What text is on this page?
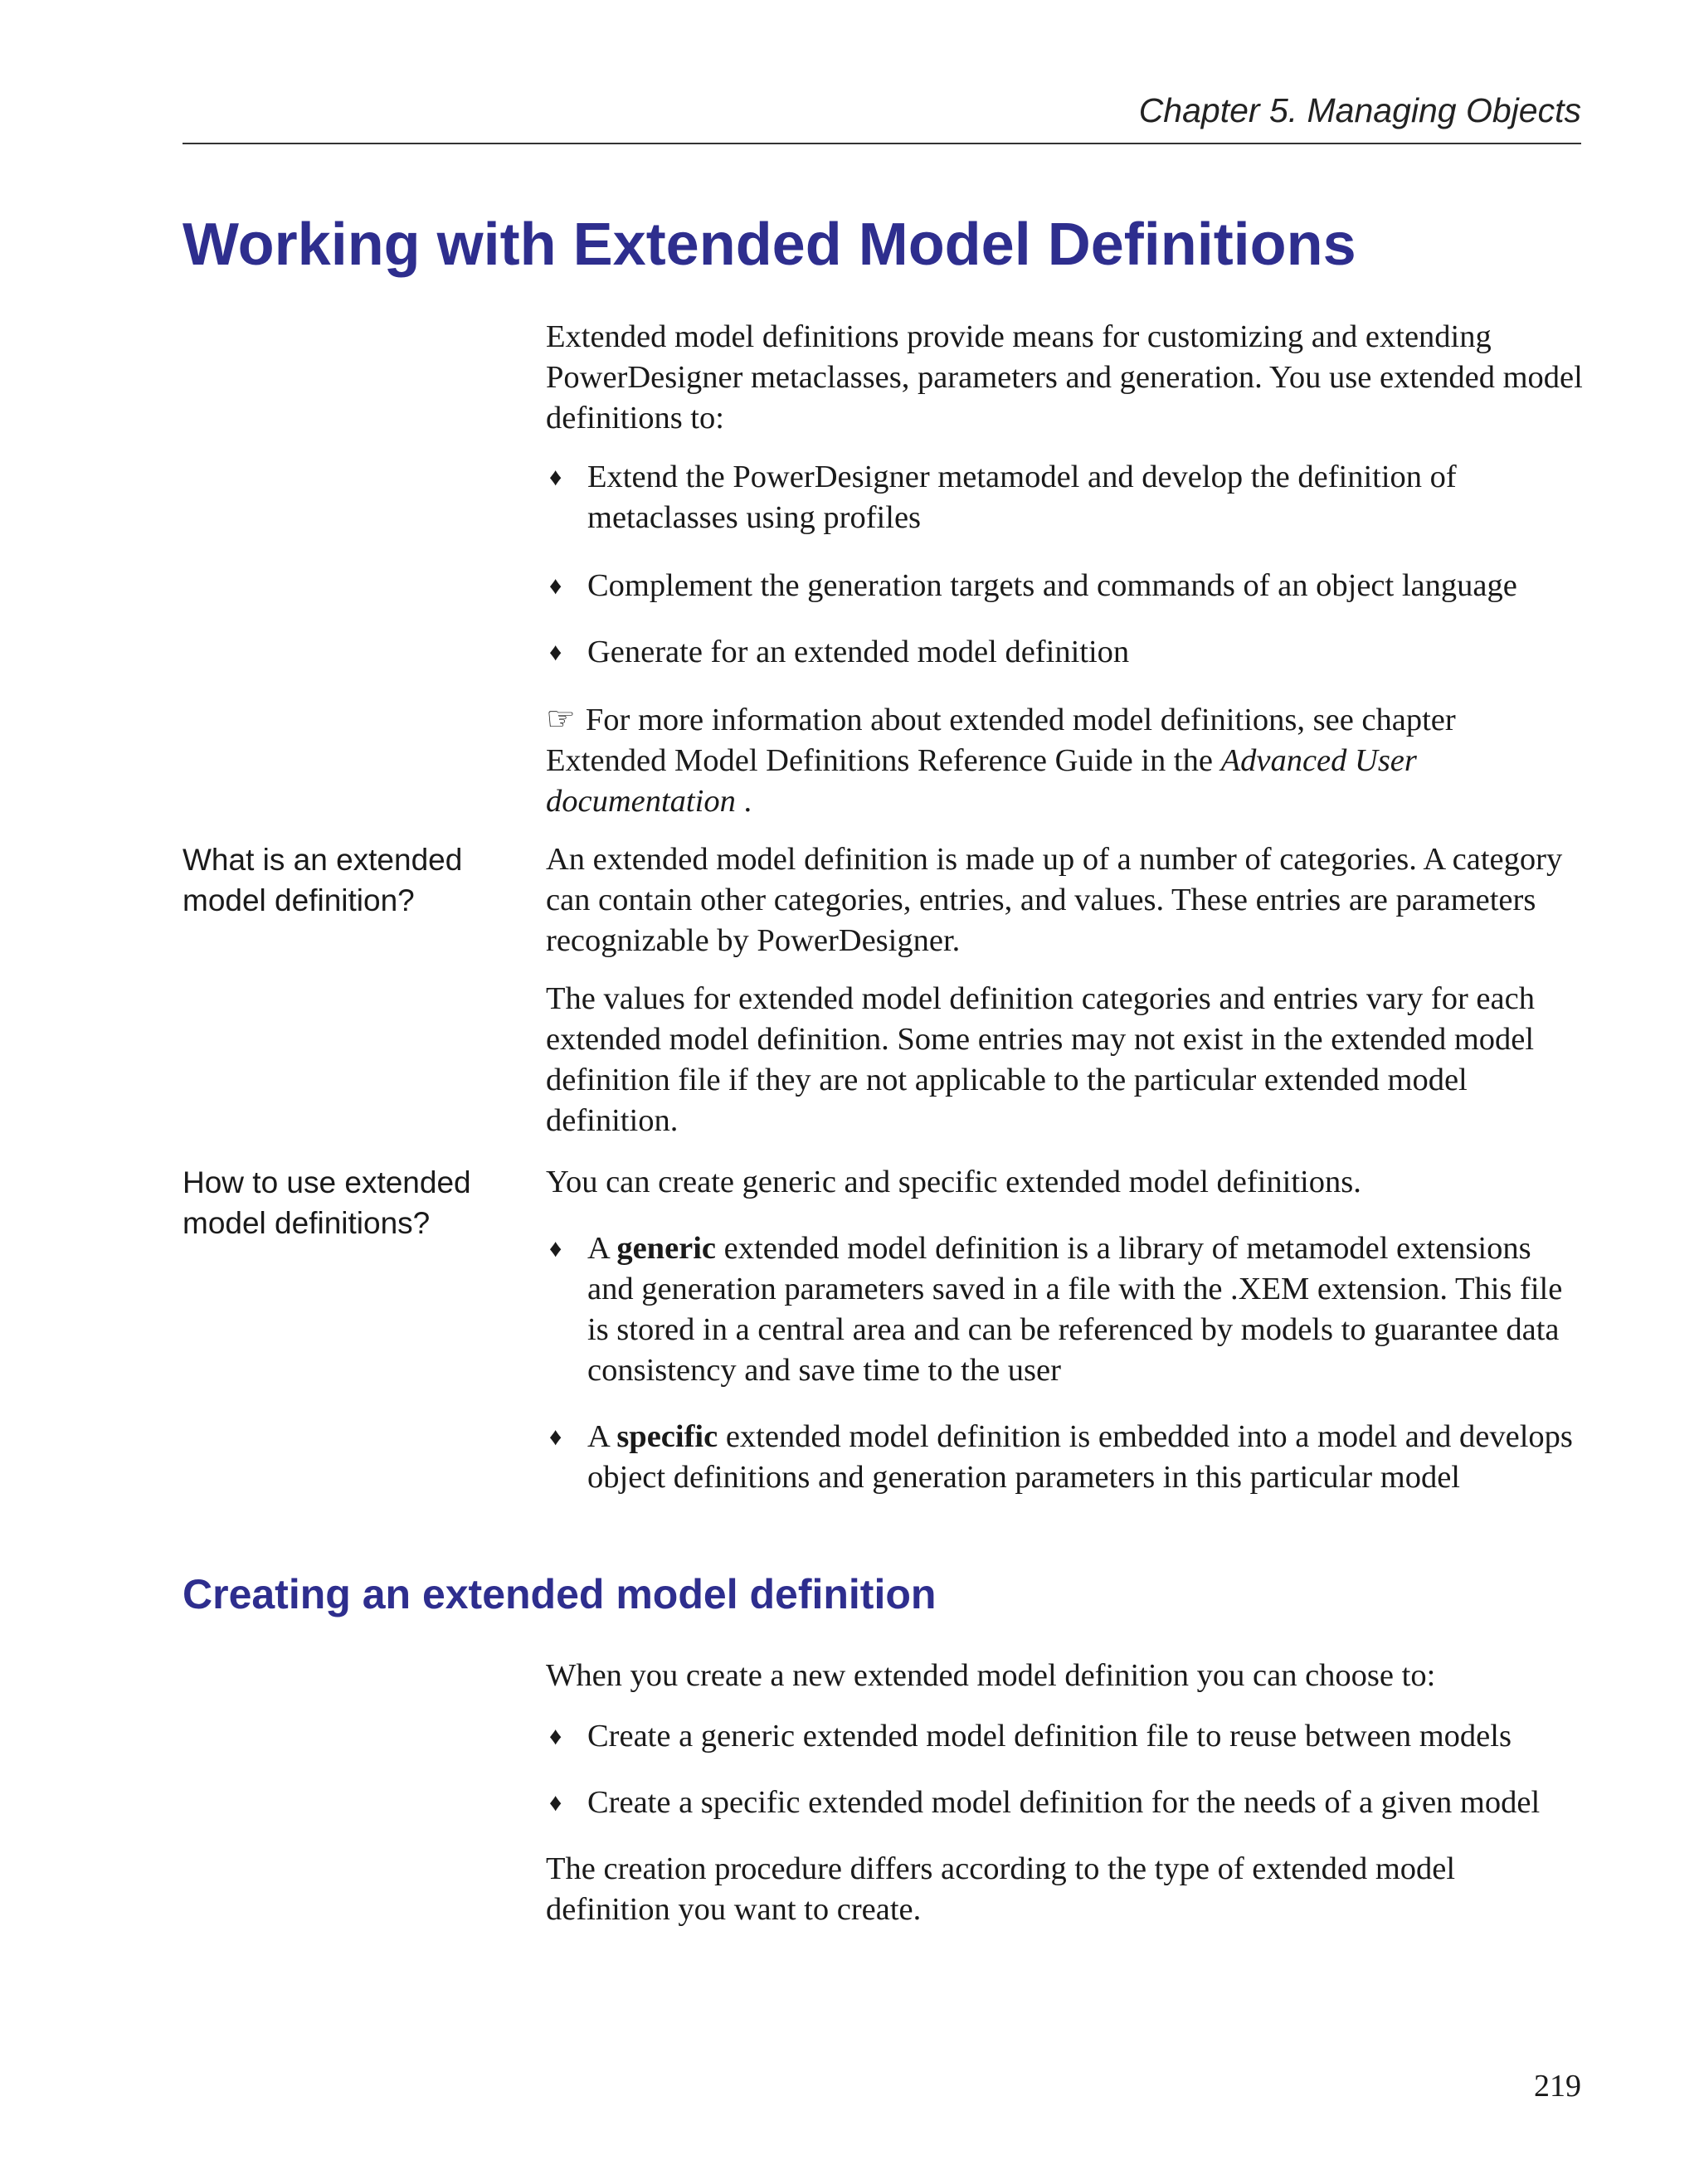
Chapter 5. Managing Objects
Working with Extended Model Definitions

Extended model definitions provide means for customizing and extending PowerDesigner metaclasses, parameters and generation. You use extended model definitions to:

♦ Extend the PowerDesigner metamodel and develop the definition of metaclasses using profiles

♦ Complement the generation targets and commands of an object language

♦ Generate for an extended model definition

☞ For more information about extended model definitions, see chapter Extended Model Definitions Reference Guide in the Advanced User documentation .

What is an extended model definition?

An extended model definition is made up of a number of categories. A category can contain other categories, entries, and values. These entries are parameters recognizable by PowerDesigner.

The values for extended model definition categories and entries vary for each extended model definition. Some entries may not exist in the extended model definition file if they are not applicable to the particular extended model definition.

How to use extended model definitions?

You can create generic and specific extended model definitions.

♦ A generic extended model definition is a library of metamodel extensions and generation parameters saved in a file with the .XEM extension. This file is stored in a central area and can be referenced by models to guarantee data consistency and save time to the user

♦ A specific extended model definition is embedded into a model and develops object definitions and generation parameters in this particular model

Creating an extended model definition

When you create a new extended model definition you can choose to:

♦ Create a generic extended model definition file to reuse between models

♦ Create a specific extended model definition for the needs of a given model

The creation procedure differs according to the type of extended model definition you want to create.

219
